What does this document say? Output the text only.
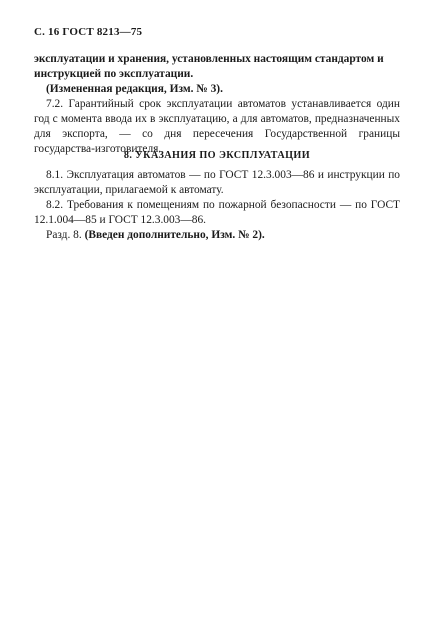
С. 16 ГОСТ 8213—75

эксплуатации и хранения, установленных настоящим стандартом и

инструкцией по эксплуатации.

(Измененная редакция, Изм. № 3).

7.2. Гарантийный срок эксплуатации автоматов устанавливается один год с момента ввода их в эксплуатацию, а для автоматов, предназначенных для экспорта, — со дня пересечения Государственной границы государства-изготовителя.

8. УКАЗАНИЯ ПО ЭКСПЛУАТАЦИИ

8.1. Эксплуатация автоматов — по ГОСТ 12.3.003—86 и инструкции по эксплуатации, прилагаемой к автомату.

8.2. Требования к помещениям по пожарной безопасности — по ГОСТ 12.1.004—85 и ГОСТ 12.3.003—86.

Разд. 8. (Введен дополнительно, Изм. № 2).
